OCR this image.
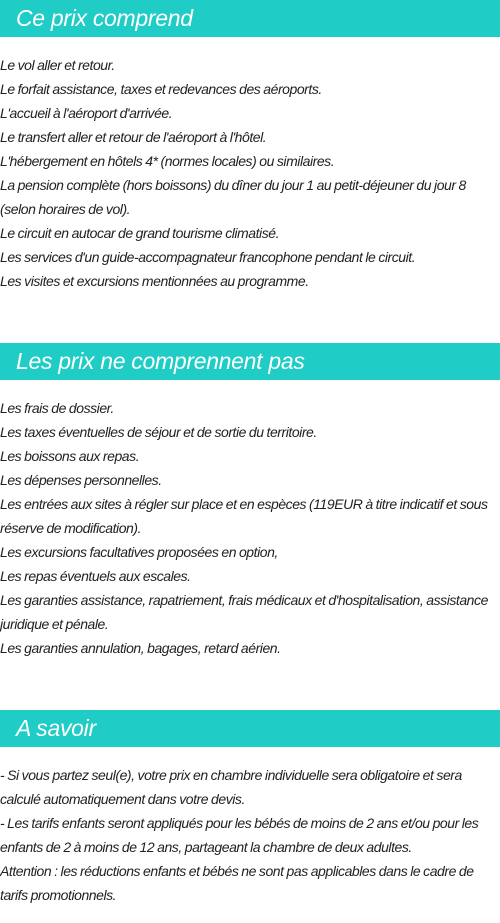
Ce prix comprend
Le vol aller et retour.
Le forfait assistance, taxes et redevances des aéroports.
L'accueil à l'aéroport d'arrivée.
Le transfert aller et retour de l'aéroport à l'hôtel.
L'hébergement en hôtels 4* (normes locales) ou similaires.
La pension complète (hors boissons) du dîner du jour 1 au petit-déjeuner du jour 8 (selon horaires de vol).
Le circuit en autocar de grand tourisme climatisé.
Les services d'un guide-accompagnateur francophone pendant le circuit.
Les visites et excursions mentionnées au programme.
Les prix ne comprennent pas
Les frais de dossier.
Les taxes éventuelles de séjour et de sortie du territoire.
Les boissons aux repas.
Les dépenses personnelles.
Les entrées aux sites à régler sur place et en espèces (119EUR à titre indicatif et sous réserve de modification).
Les excursions facultatives proposées en option,
Les repas éventuels aux escales.
Les garanties assistance, rapatriement, frais médicaux et d'hospitalisation, assistance juridique et pénale.
Les garanties annulation, bagages, retard aérien.
A savoir
- Si vous partez seul(e), votre prix en chambre individuelle sera obligatoire et sera calculé automatiquement dans votre devis.
- Les tarifs enfants seront appliqués pour les bébés de moins de 2 ans et/ou pour les enfants de 2 à moins de 12 ans, partageant la chambre de deux adultes.
Attention : les réductions enfants et bébés ne sont pas applicables dans le cadre de tarifs promotionnels.
